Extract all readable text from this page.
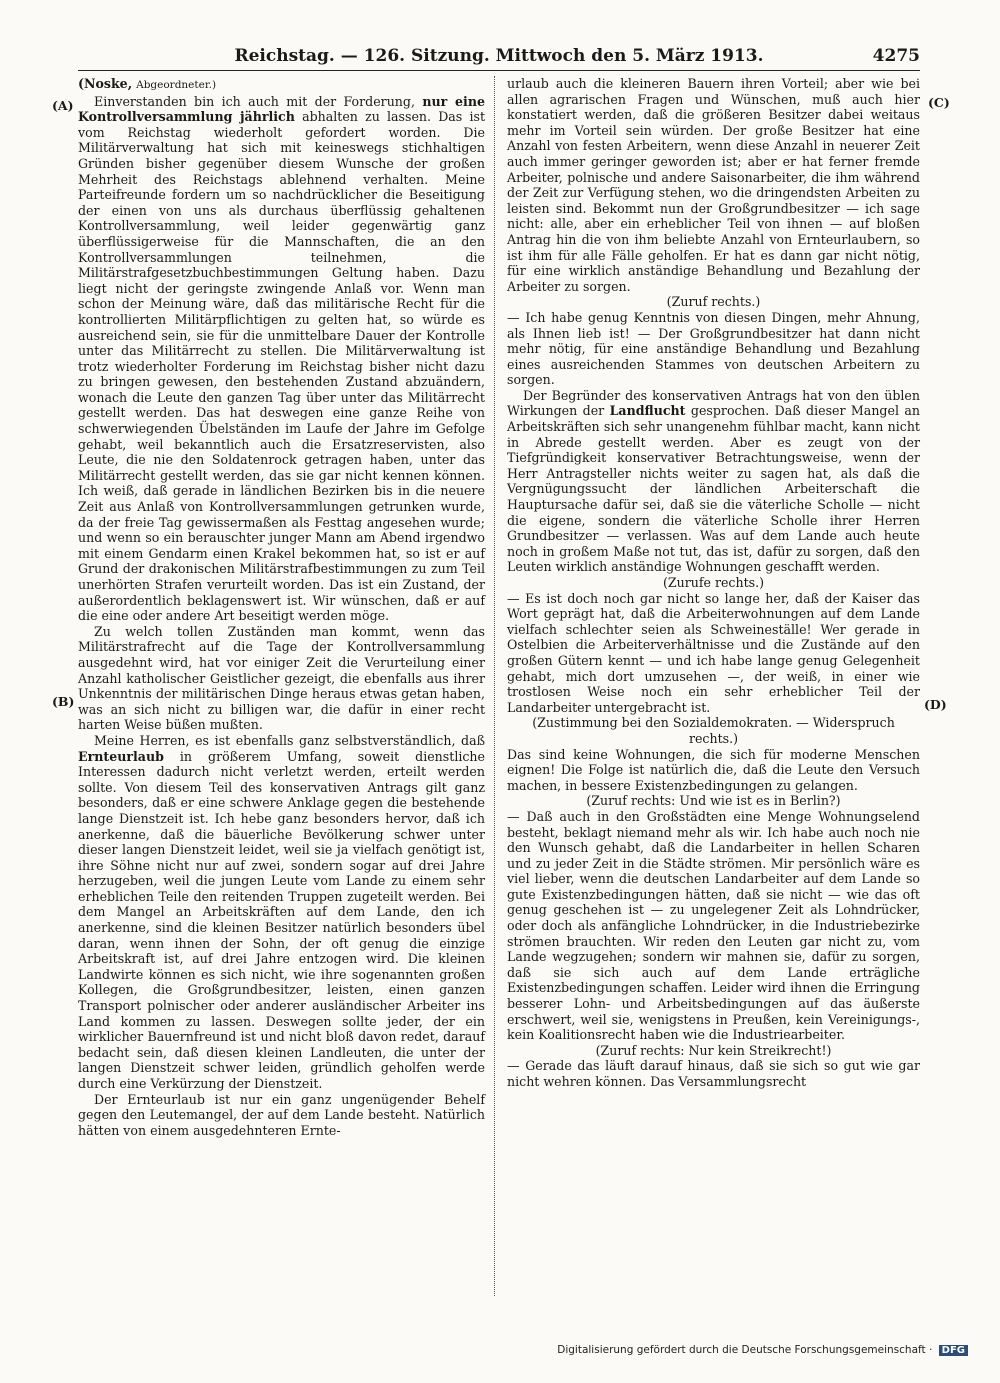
Reichstag. — 126. Sitzung. Mittwoch den 5. März 1913.	4275
(A)
(B)
(C)
(D)

(Noske, Abgeordneter.)

Einverstanden bin ich auch mit der Forderung, nur eine Kontrollversammlung jährlich abhalten zu lassen. Das ist vom Reichstag wiederholt gefordert worden. Die Militärverwaltung hat sich mit keineswegs stichhaltigen Gründen bisher gegenüber diesem Wunsche der großen Mehrheit des Reichstags ablehnend verhalten. Meine Parteifreunde fordern um so nachdrücklicher die Beseitigung der einen von uns als durchaus überflüssig gehaltenen Kontrollversammlung, weil leider gegenwärtig ganz überflüssigerweise für die Mannschaften, die an den Kontrollversammlungen teilnehmen, die Militärstrafgesetzbuchbestimmungen Geltung haben. Dazu liegt nicht der geringste zwingende Anlaß vor. Wenn man schon der Meinung wäre, daß das militärische Recht für die kontrollierten Militärpflichtigen zu gelten hat, so würde es ausreichend sein, sie für die unmittelbare Dauer der Kontrolle unter das Militärrecht zu stellen. Die Militärverwaltung ist trotz wiederholter Forderung im Reichstag bisher nicht dazu zu bringen gewesen, den bestehenden Zustand abzuändern, wonach die Leute den ganzen Tag über unter das Militärrecht gestellt werden. Das hat deswegen eine ganze Reihe von schwerwiegenden Übelständen im Laufe der Jahre im Gefolge gehabt, weil bekanntlich auch die Ersatzreservisten, also Leute, die nie den Soldatenrock getragen haben, unter das Militärrecht gestellt werden, das sie gar nicht kennen können. Ich weiß, daß gerade in ländlichen Bezirken bis in die neuere Zeit aus Anlaß von Kontrollversammlungen getrunken wurde, da der freie Tag gewissermaßen als Festtag angesehen wurde; und wenn so ein berauschter junger Mann am Abend irgendwo mit einem Gendarm einen Krakel bekommen hat, so ist er auf Grund der drakonischen Militärstrafbestimmungen zu zum Teil unerhörten Strafen verurteilt worden. Das ist ein Zustand, der außerordentlich beklagenswert ist. Wir wünschen, daß er auf die eine oder andere Art beseitigt werden möge.

Zu welch tollen Zuständen man kommt, wenn das Militärstrafrecht auf die Tage der Kontrollversammlung ausgedehnt wird, hat vor einiger Zeit die Verurteilung einer Anzahl katholischer Geistlicher gezeigt, die ebenfalls aus ihrer Unkenntnis der militärischen Dinge heraus etwas getan haben, was an sich nicht zu billigen war, die dafür in einer recht harten Weise büßen mußten.

Meine Herren, es ist ebenfalls ganz selbstverständlich, daß Ernteurlaub in größerem Umfang, soweit dienstliche Interessen dadurch nicht verletzt werden, erteilt werden sollte. Von diesem Teil des konservativen Antrags gilt ganz besonders, daß er eine schwere Anklage gegen die bestehende lange Dienstzeit ist. Ich hebe ganz besonders hervor, daß ich anerkenne, daß die bäuerliche Bevölkerung schwer unter dieser langen Dienstzeit leidet, weil sie ja vielfach genötigt ist, ihre Söhne nicht nur auf zwei, sondern sogar auf drei Jahre herzugeben, weil die jungen Leute vom Lande zu einem sehr erheblichen Teile den reitenden Truppen zugeteilt werden. Bei dem Mangel an Arbeitskräften auf dem Lande, den ich anerkenne, sind die kleinen Besitzer natürlich besonders übel daran, wenn ihnen der Sohn, der oft genug die einzige Arbeitskraft ist, auf drei Jahre entzogen wird. Die kleinen Landwirte können es sich nicht, wie ihre sogenannten großen Kollegen, die Großgrundbesitzer, leisten, einen ganzen Transport polnischer oder anderer ausländischer Arbeiter ins Land kommen zu lassen. Deswegen sollte jeder, der ein wirklicher Bauernfreund ist und nicht bloß davon redet, darauf bedacht sein, daß diesen kleinen Landleuten, die unter der langen Dienstzeit schwer leiden, gründlich geholfen werde durch eine Verkürzung der Dienstzeit.

Der Ernteurlaub ist nur ein ganz ungenügender Behelf gegen den Leutemangel, der auf dem Lande besteht. Natürlich hätten von einem ausgedehnteren Ernte-

urlaub auch die kleineren Bauern ihren Vorteil; aber wie bei allen agrarischen Fragen und Wünschen, muß auch hier konstatiert werden, daß die größeren Besitzer dabei weitaus mehr im Vorteil sein würden. Der große Besitzer hat eine Anzahl von festen Arbeitern, wenn diese Anzahl in neuerer Zeit auch immer geringer geworden ist; aber er hat ferner fremde Arbeiter, polnische und andere Saisonarbeiter, die ihm während der Zeit zur Verfügung stehen, wo die dringendsten Arbeiten zu leisten sind. Bekommt nun der Großgrundbesitzer — ich sage nicht: alle, aber ein erheblicher Teil von ihnen — auf bloßen Antrag hin die von ihm beliebte Anzahl von Ernteurlaubern, so ist ihm für alle Fälle geholfen. Er hat es dann gar nicht nötig, für eine wirklich anständige Behandlung und Bezahlung der Arbeiter zu sorgen.

(Zuruf rechts.)

— Ich habe genug Kenntnis von diesen Dingen, mehr Ahnung, als Ihnen lieb ist! — Der Großgrundbesitzer hat dann nicht mehr nötig, für eine anständige Behandlung und Bezahlung eines ausreichenden Stammes von deutschen Arbeitern zu sorgen.

Der Begründer des konservativen Antrags hat von den üblen Wirkungen der Landflucht gesprochen. Daß dieser Mangel an Arbeitskräften sich sehr unangenehm fühlbar macht, kann nicht in Abrede gestellt werden. Aber es zeugt von der Tiefgründigkeit konservativer Betrachtungsweise, wenn der Herr Antragsteller nichts weiter zu sagen hat, als daß die Vergnügungssucht der ländlichen Arbeiterschaft die Hauptursache dafür sei, daß sie die väterliche Scholle — nicht die eigene, sondern die väterliche Scholle ihrer Herren Grundbesitzer — verlassen. Was auf dem Lande auch heute noch in großem Maße not tut, das ist, dafür zu sorgen, daß den Leuten wirklich anständige Wohnungen geschafft werden.

(Zurufe rechts.)

— Es ist doch noch gar nicht so lange her, daß der Kaiser das Wort geprägt hat, daß die Arbeiterwohnungen auf dem Lande vielfach schlechter seien als Schweineställe! Wer gerade in Ostelbien die Arbeiterverhältnisse und die Zustände auf den großen Gütern kennt — und ich habe lange genug Gelegenheit gehabt, mich dort umzusehen —, der weiß, in einer wie trostlosen Weise noch ein sehr erheblicher Teil der Landarbeiter untergebracht ist.

(Zustimmung bei den Sozialdemokraten. — Widerspruch rechts.)

Das sind keine Wohnungen, die sich für moderne Menschen eignen! Die Folge ist natürlich die, daß die Leute den Versuch machen, in bessere Existenzbedingungen zu gelangen.

(Zuruf rechts: Und wie ist es in Berlin?)

— Daß auch in den Großstädten eine Menge Wohnungselend besteht, beklagt niemand mehr als wir. Ich habe auch noch nie den Wunsch gehabt, daß die Landarbeiter in hellen Scharen und zu jeder Zeit in die Städte strömen. Mir persönlich wäre es viel lieber, wenn die deutschen Landarbeiter auf dem Lande so gute Existenzbedingungen hätten, daß sie nicht — wie das oft genug geschehen ist — zu ungelegener Zeit als Lohndrücker, oder doch als anfängliche Lohndrücker, in die Industriebezirke strömen brauchten. Wir reden den Leuten gar nicht zu, vom Lande wegzugehen; sondern wir mahnen sie, dafür zu sorgen, daß sie sich auch auf dem Lande erträgliche Existenzbedingungen schaffen. Leider wird ihnen die Erringung besserer Lohn- und Arbeitsbedingungen auf das äußerste erschwert, weil sie, wenigstens in Preußen, kein Vereinigungs-, kein Koalitionsrecht haben wie die Industriearbeiter.

(Zuruf rechts: Nur kein Streikrecht!)

— Gerade das läuft darauf hinaus, daß sie sich so gut wie gar nicht wehren können. Das Versammlungsrecht

Digitalisierung gefördert durch die Deutsche Forschungsgemeinschaft · DFG
